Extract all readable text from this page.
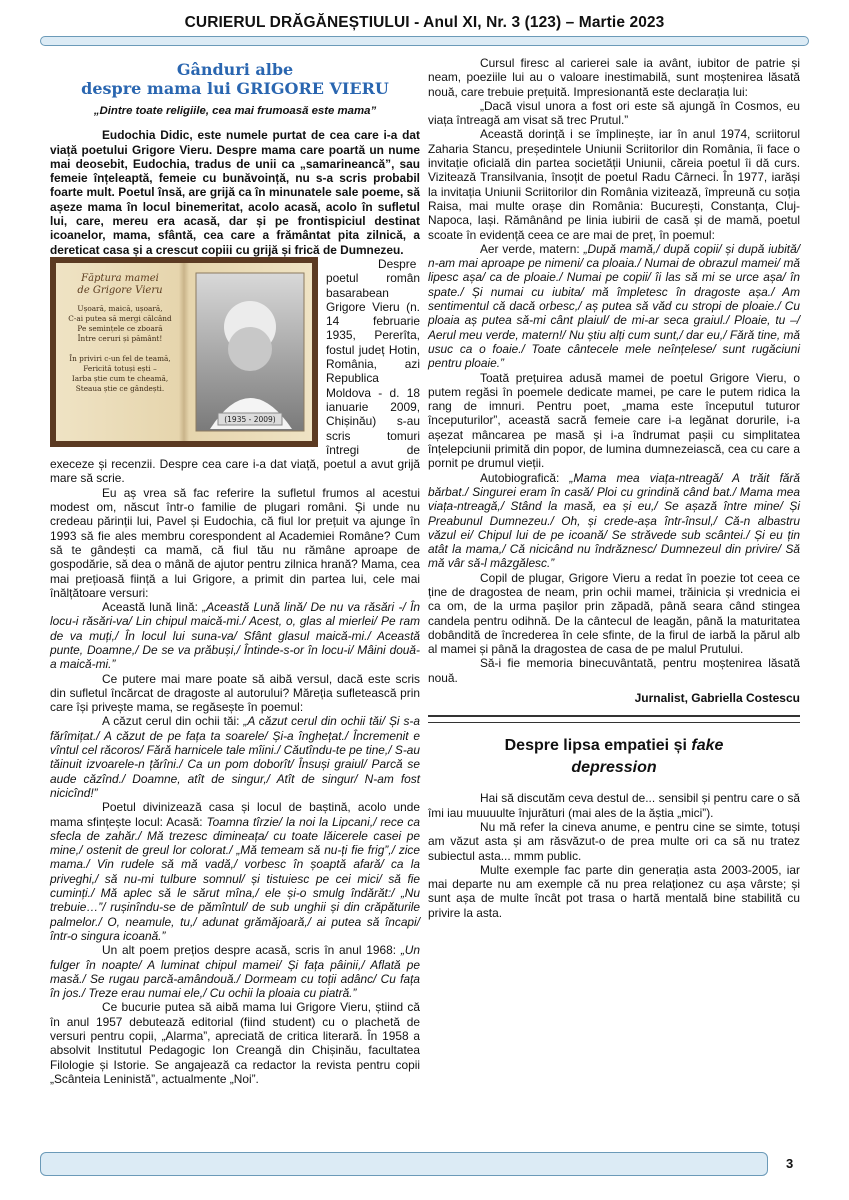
CURIERUL DRĂGĂNEȘTIULUI - Anul XI, Nr. 3 (123) – Martie 2023
Gânduri albe
despre mama lui GRIGORE VIERU
„Dintre toate religiile, cea mai frumoasă este mama”

Eudochia Didic, este numele purtat de cea care i-a dat viață poetului Grigore Vieru. Despre mama care poartă un nume mai deosebit, Eudochia, tradus de unii ca „samarineancă”, sau femeie înțeleaptă, femeie cu bunăvoință, nu s-a scris probabil foarte mult. Poetul însă, are grijă ca în minunatele sale poeme, să așeze mama în locul binemeritat, acolo acasă, acolo în sufletul lui, care, mereu era acasă, dar și pe frontispiciul destinat icoanelor, mama, sfântă, cea care a frământat pita zilnică, a dereticat casa și a crescut copiii cu grijă și frică de Dumnezeu.

Făptura mamei
de Grigore Vieru
Ușoară, maică, ușoară,
C-ai putea să mergi călcând
Pe semințele ce zboară
Între ceruri și pământ!
În priviri c-un fel de teamă,
Fericită totuși ești –
Iarba știe cum te cheamă,
Steaua știe ce gândești.
(1935 - 2009)

Despre poetul român basarabean Grigore Vieru (n. 14 februarie 1935, Pererîta, fostul județ Hotin, România, azi Republica Moldova - d. 18 ianuarie 2009, Chișinău) s-au scris tomuri întregi de execeze și recenzii. Despre cea care i-a dat viață, poetul a avut grijă mare să scrie.

Eu aș vrea să fac referire la sufletul frumos al acestui modest om, născut într-o familie de plugari români. Și unde nu credeau părinții lui, Pavel și Eudochia, că fiul lor prețuit va ajunge în 1993 să fie ales membru corespondent al Academiei Române? Cum să te gândești ca mamă, că fiul tău nu rămâne aproape de gospodărie, să dea o mână de ajutor pentru zilnica hrană? Mama, cea mai prețioasă ființă a lui Grigore, a primit din partea lui, cele mai înălțătoare versuri:

Această lună lină: „Această Lună lină/ De nu va răsări -/ În locu-i răsări-va/ Lin chipul maică-mi./ Acest, o, glas al mierlei/ Pe ram de va muți,/ În locul lui suna-va/ Sfânt glasul maică-mi./ Această punte, Doamne,/ De se va prăbuși,/ Întinde-s-or în locu-i/ Mâini două-a maică-mi.”

Ce putere mai mare poate să aibă versul, dacă este scris din sufletul încărcat de dragoste al autorului? Măreția sufletească prin care își privește mama, se regăsește în poemul:

A căzut cerul din ochii tăi: „A căzut cerul din ochii tăi/ Și s-a fărîmițat./ A căzut de pe fața ta soarele/ Și-a înghețat./ Încremenit e vîntul cel răcoros/ Fără harnicele tale mîini./ Căutîndu-te pe tine,/ S-au tăinuit izvoarele-n țărîni./ Ca un pom doborît/ Însuși graiul/ Parcă se aude căzînd./ Doamne, atît de singur,/ Atît de singur/ N-am fost nicicînd!”

Poetul divinizează casa și locul de baștină, acolo unde mama sfințește locul: Acasă: Toamna tîrzie/ la noi la Lipcani,/ rece ca sfecla de zahăr./ Mă trezesc dimineața/ cu toate lăicerele casei pe mine,/ ostenit de greul lor colorat./ „Mă temeam să nu-ți fie frig”,/ zice mama./ Vin rudele să mă vadă,/ vorbesc în șoaptă afară/ ca la priveghi,/ să nu-mi tulbure somnul/ și tistuiesc pe cei mici/ să fie cuminți./ Mă aplec să le sărut mîna,/ ele și-o smulg îndărăt:/ „Nu trebuie…”/ rușinîndu-se de pămîntul/ de sub unghii și din crăpăturile palmelor./ O, neamule, tu,/ adunat grămăjoară,/ ai putea să încapi/ într-o singura icoană.”

Un alt poem prețios despre acasă, scris în anul 1968: „Un fulger în noapte/ A luminat chipul mamei/ Și fața pâinii,/ Aflată pe masă./ Se rugau parcă-amândouă./ Dormeam cu toții adânc/ Cu fața în jos./ Treze erau numai ele,/ Cu ochii la ploaia cu piatră.”

Ce bucurie putea să aibă mama lui Grigore Vieru, știind că în anul 1957 debutează editorial (fiind student) cu o plachetă de versuri pentru copii, „Alarma”, apreciată de critica literară. În 1958 a absolvit Institutul Pedagogic Ion Creangă din Chișinău, facultatea Filologie și Istorie. Se angajează ca redactor la revista pentru copii „Scânteia Leninistă”, actualmente „Noi”.

Cursul firesc al carierei sale ia avânt, iubitor de patrie și neam, poeziile lui au o valoare inestimabilă, sunt moștenirea lăsată nouă, care trebuie prețuită. Impresionantă este declarația lui:

„Dacă visul unora a fost ori este să ajungă în Cosmos, eu viața întreagă am visat să trec Prutul.”

Această dorință i se împlinește, iar în anul 1974, scriitorul Zaharia Stancu, președintele Uniunii Scriitorilor din România, îi face o invitație oficială din partea societății Uniunii, căreia poetul îi dă curs. Vizitează Transilvania, însoțit de poetul Radu Cârneci. În 1977, iarăși la invitația Uniunii Scriitorilor din România vizitează, împreună cu soția Raisa, mai multe orașe din România: București, Constanța, Cluj-Napoca, Iași. Rămânând pe linia iubirii de casă și de mamă, poetul scoate în evidență ceea ce are mai de preț, în poemul:

Aer verde, matern: „După mamă,/ după copii/ și după iubită/ n-am mai aproape pe nimeni/ ca ploaia./ Numai de obrazul mamei/ mă lipesc așa/ ca de ploaie./ Numai pe copii/ îi las să mi se urce așa/ în spate./ Și numai cu iubita/ mă împletesc în dragoste așa./ Am sentimentul că dacă orbesc,/ aș putea să văd cu stropi de ploaie./ Cu ploaia aș putea să-mi cânt plaiul/ de mi-ar seca graiul./ Ploaie, tu –/ Aerul meu verde, matern!/ Nu știu alți cum sunt,/ dar eu,/ Fără tine, mă usuc ca o foaie./ Toate cântecele mele neînțelese/ sunt rugăciuni pentru ploaie.”

Toată prețuirea adusă mamei de poetul Grigore Vieru, o putem regăsi în poemele dedicate mamei, pe care le putem ridica la rang de imnuri. Pentru poet, „mama este începutul tuturor începuturilor”, această sacră femeie care i-a legănat dorurile, i-a așezat mâncarea pe masă și i-a îndrumat pașii cu simplitatea înțelepciunii primită din popor, de lumina dumnezeiască, cea cu care a pornit pe drumul vieții.

Autobiografică: „Mama mea viața-ntreagă/ A trăit fără bărbat./ Singurei eram în casă/ Ploi cu grindină când bat./ Mama mea viața-ntreagă,/ Stând la masă, ea și eu,/ Se așază între mine/ Și Preabunul Dumnezeu./ Oh, și crede-așa într-însul,/ Că-n albastru văzul ei/ Chipul lui de pe icoană/ Se străvede sub scântei./ Și eu țin atât la mama,/ Că nicicând nu îndrăznesc/ Dumnezeul din privire/ Să mă vâr să-l mâzgălesc.”

Copil de plugar, Grigore Vieru a redat în poezie tot ceea ce ține de dragostea de neam, prin ochii mamei, trăinicia și vrednicia ei ca om, de la urma pașilor prin zăpadă, până seara când stingea candela pentru odihnă. De la cântecul de leagăn, până la maturitatea dobândită de încrederea în cele sfinte, de la firul de iarbă la părul alb al mamei și până la dragostea de casa de pe malul Prutului.

Să-i fie memoria binecuvântată, pentru moștenirea lăsată nouă.

Jurnalist, Gabriella Costescu
Despre lipsa empatiei și fake
depression

Hai să discutăm ceva destul de... sensibil și pentru care o să îmi iau muuuulte înjurături (mai ales de la ăștia „mici”).

Nu mă refer la cineva anume, e pentru cine se simte, totuși am văzut asta și am răsvăzut-o de prea multe ori ca să nu tratez subiectul asta... mmm public.

Multe exemple fac parte din generația asta 2003-2005, iar mai departe nu am exemple că nu prea relaționez cu așa vârste; și sunt așa de multe încât pot trasa o hartă mentală bine stabilită cu privire la asta.

3
